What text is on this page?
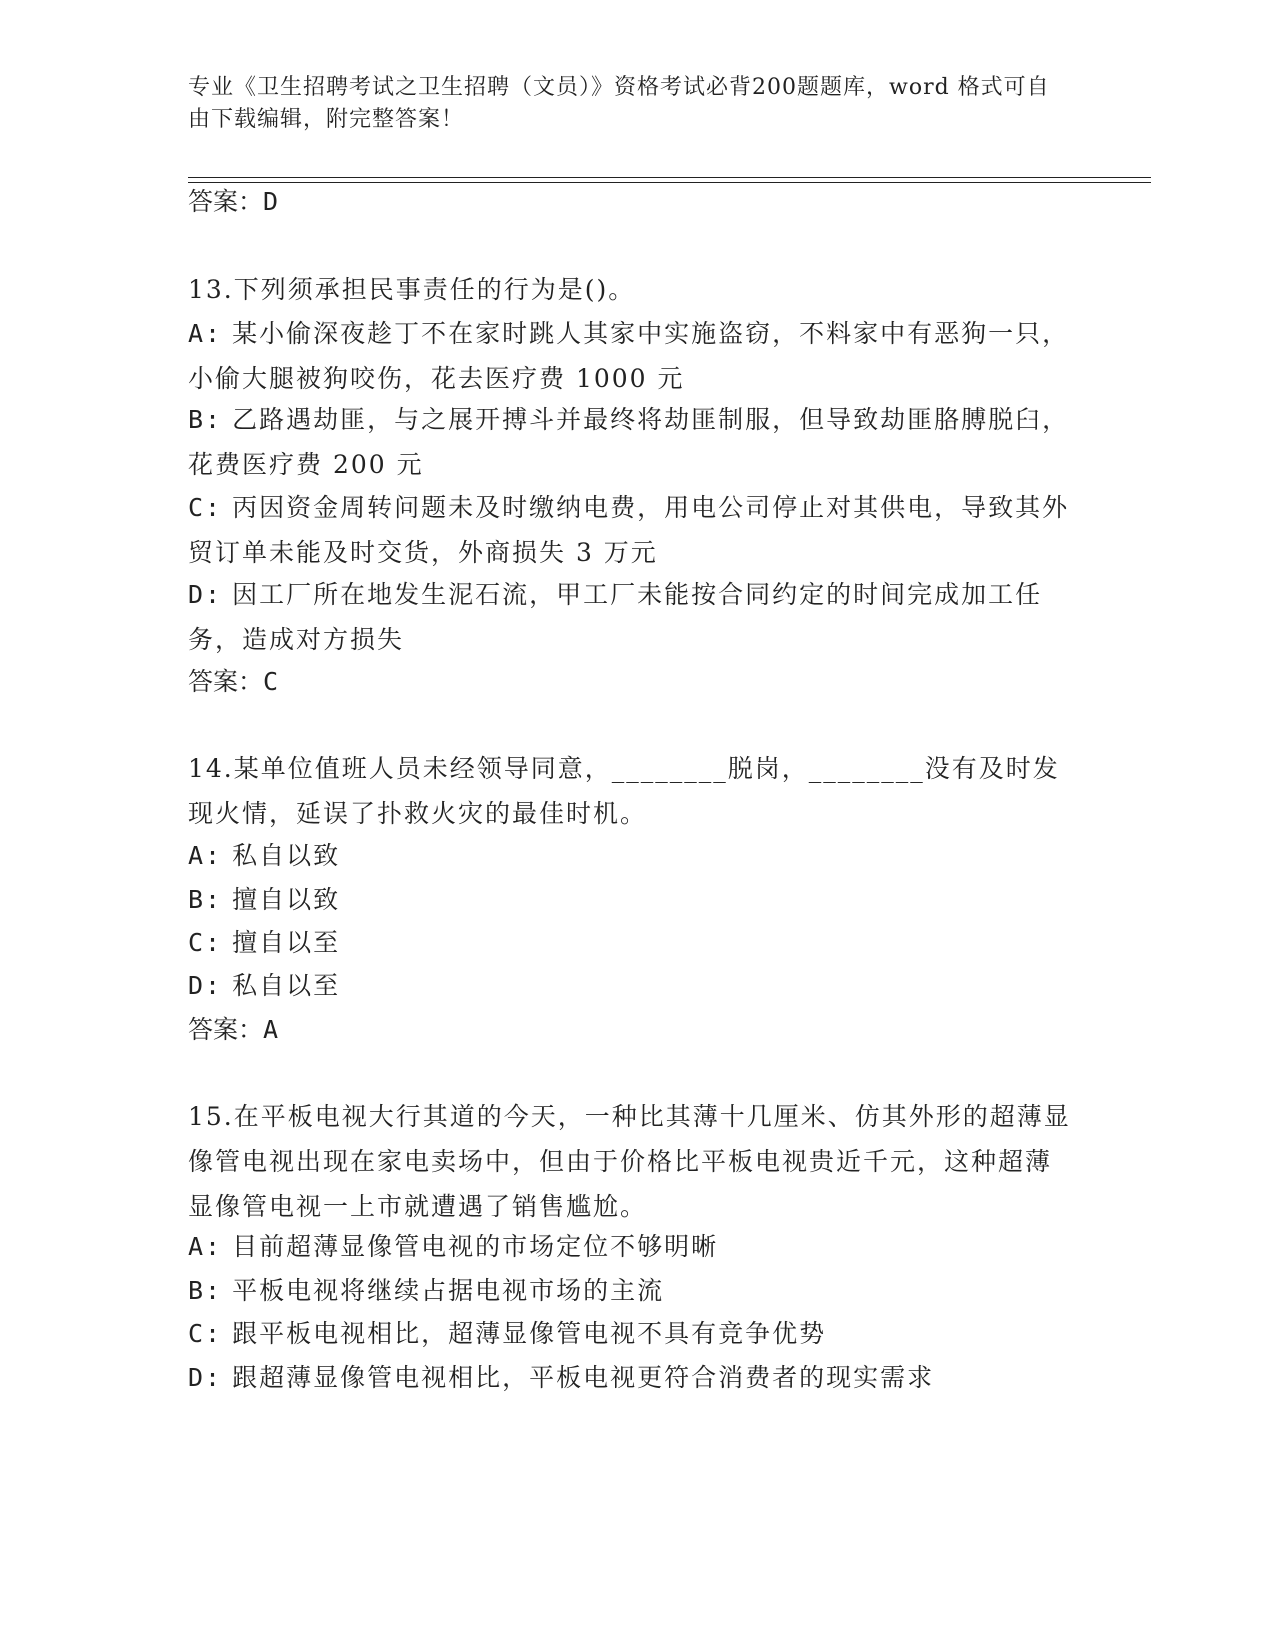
专业《卫生招聘考试之卫生招聘（文员）》资格考试必背200题题库，word 格式可自由下载编辑，附完整答案！
答案：D
13.下列须承担民事责任的行为是()。
A: 某小偷深夜趁丁不在家时跳人其家中实施盗窃，不料家中有恶狗一只，小偷大腿被狗咬伤，花去医疗费 1000 元
B: 乙路遇劫匪，与之展开搏斗并最终将劫匪制服，但导致劫匪胳膊脱臼，花费医疗费 200 元
C: 丙因资金周转问题未及时缴纳电费，用电公司停止对其供电，导致其外贸订单未能及时交货，外商损失 3 万元
D: 因工厂所在地发生泥石流，甲工厂未能按合同约定的时间完成加工任务，造成对方损失
答案：C
14.某单位值班人员未经领导同意，________脱岗，________没有及时发现火情，延误了扑救火灾的最佳时机。
A: 私自以致
B: 擅自以致
C: 擅自以至
D: 私自以至
答案：A
15.在平板电视大行其道的今天，一种比其薄十几厘米、仿其外形的超薄显像管电视出现在家电卖场中，但由于价格比平板电视贵近千元，这种超薄显像管电视一上市就遭遇了销售尴尬。
A: 目前超薄显像管电视的市场定位不够明晰
B: 平板电视将继续占据电视市场的主流
C: 跟平板电视相比，超薄显像管电视不具有竞争优势
D: 跟超薄显像管电视相比，平板电视更符合消费者的现实需求
